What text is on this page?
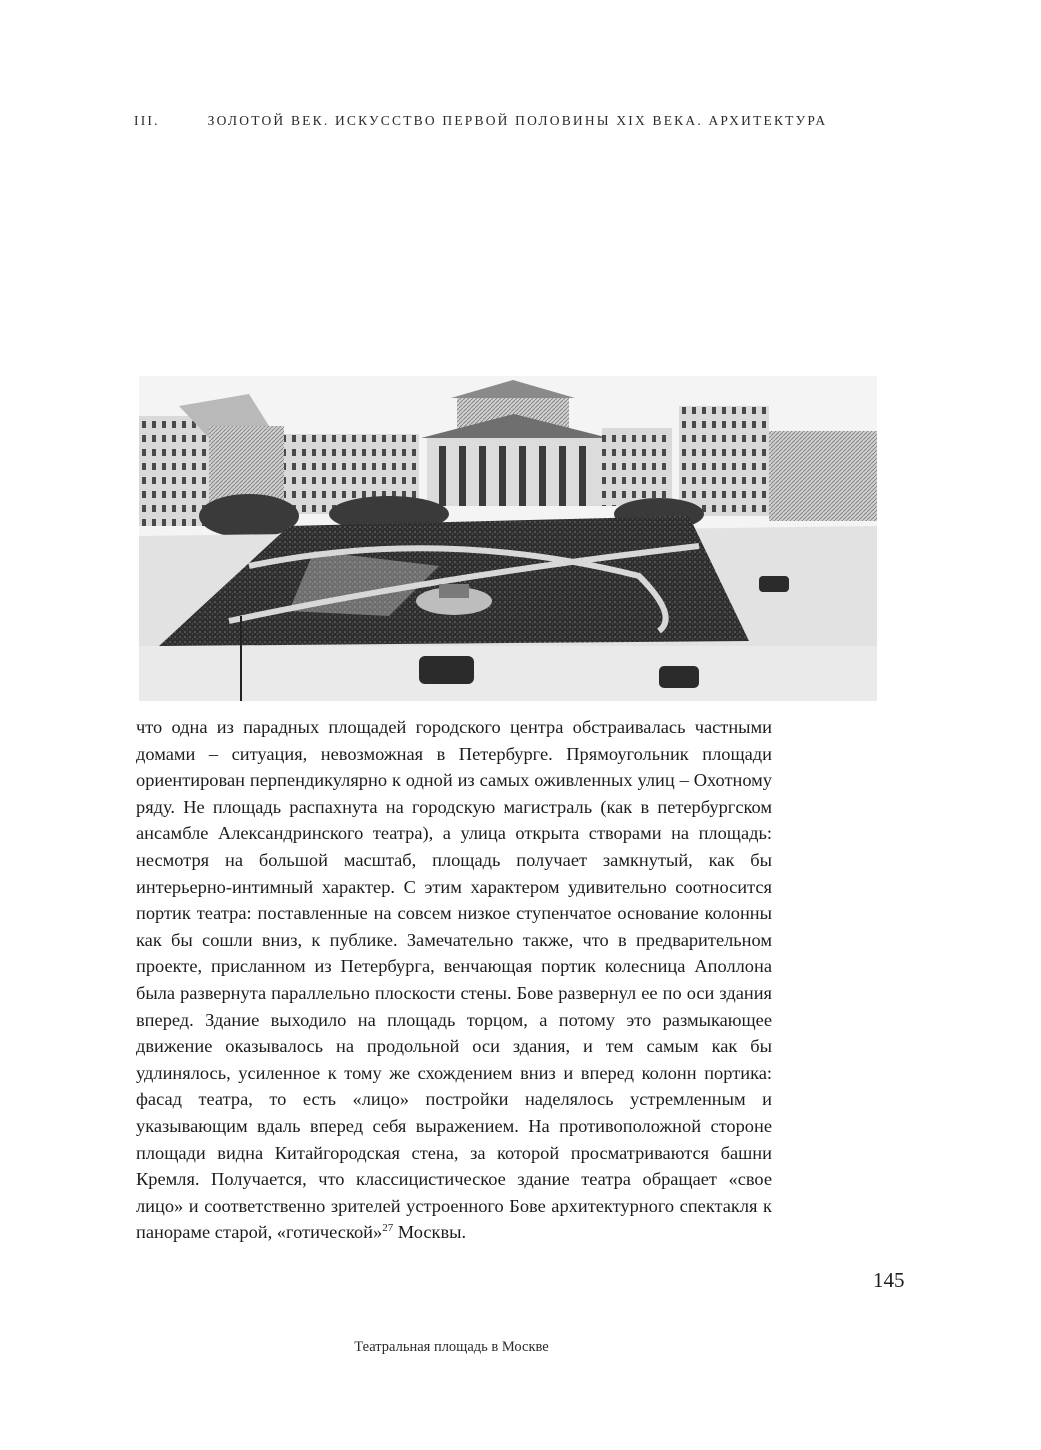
III.	ЗОЛОТОЙ ВЕК. ИСКУССТВО ПЕРВОЙ ПОЛОВИНЫ XIX ВЕКА. АРХИТЕКТУРА

что одна из парадных площадей городского центра обстраивалась частными домами – ситуация, невозможная в Петербурге. Прямоугольник площади ориентирован перпендикулярно к одной из самых оживленных улиц – Охотному ряду. Не площадь распахнута на городскую магистраль (как в петербургском ансамбле Александринского театра), а улица открыта створами на площадь: несмотря на большой масштаб, площадь получает замкнутый, как бы интерьерно-интимный характер. С этим характером удивительно соотносится портик театра: поставленные на совсем низкое ступенчатое основание колонны как бы сошли вниз, к публике. Замечательно также, что в предварительном проекте, присланном из Петербурга, венчающая портик колесница Аполлона была развернута параллельно плоскости стены. Бове развернул ее по оси здания вперед. Здание выходило на площадь торцом, а потому это размыкающее движение оказывалось на продольной оси здания, и тем самым как бы удлинялось, усиленное к тому же схождением вниз и вперед колонн портика: фасад театра, то есть «лицо» постройки наделялось устремленным и указывающим вдаль вперед себя выражением. На противоположной стороне площади видна Китайгородская стена, за которой просматриваются башни Кремля. Получается, что классицистическое здание театра обращает «свое лицо» и соответственно зрителей устроенного Бове архитектурного спектакля к панораме старой, «готической»$^{27}$ Москвы.

145
Театральная площадь в Москве
